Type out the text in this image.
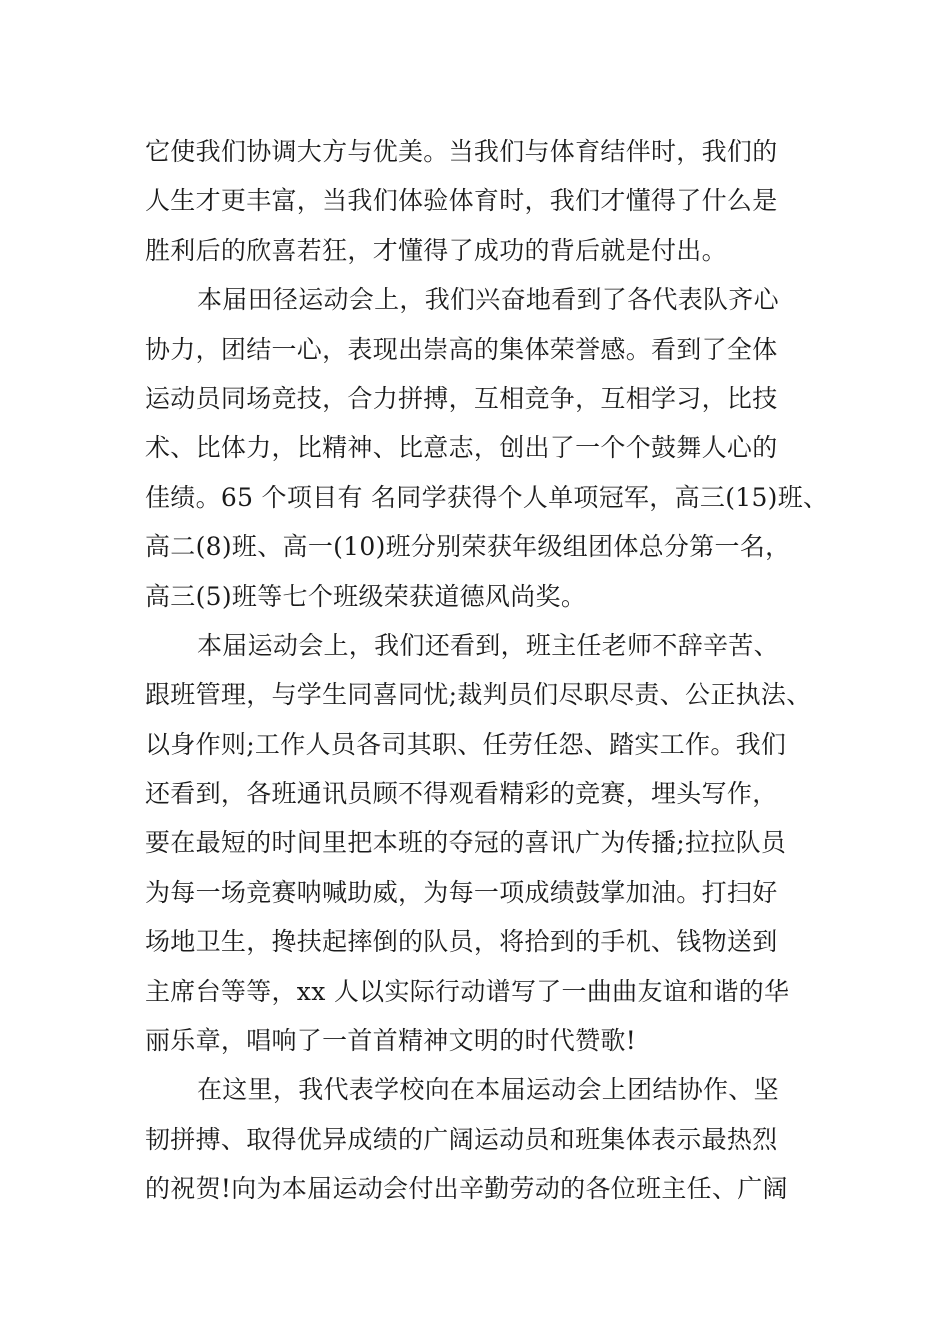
它使我们协调大方与优美。当我们与体育结伴时，我们的
人生才更丰富，当我们体验体育时，我们才懂得了什么是
胜利后的欣喜若狂，才懂得了成功的背后就是付出。
本届田径运动会上，我们兴奋地看到了各代表队齐心
协力，团结一心，表现出崇高的集体荣誉感。看到了全体
运动员同场竞技，合力拼搏，互相竞争，互相学习，比技
术、比体力，比精神、比意志，创出了一个个鼓舞人心的
佳绩。65 个项目有 名同学获得个人单项冠军，高三(15)班、
高二(8)班、高一(10)班分别荣获年级组团体总分第一名，
高三(5)班等七个班级荣获道德风尚奖。
本届运动会上，我们还看到，班主任老师不辞辛苦、
跟班管理，与学生同喜同忧;裁判员们尽职尽责、公正执法、
以身作则;工作人员各司其职、任劳任怨、踏实工作。我们
还看到，各班通讯员顾不得观看精彩的竞赛，埋头写作，
要在最短的时间里把本班的夺冠的喜讯广为传播;拉拉队员
为每一场竞赛呐喊助威，为每一项成绩鼓掌加油。打扫好
场地卫生，搀扶起摔倒的队员，将拾到的手机、钱物送到
主席台等等，xx 人以实际行动谱写了一曲曲友谊和谐的华
丽乐章，唱响了一首首精神文明的时代赞歌!
在这里，我代表学校向在本届运动会上团结协作、坚
韧拼搏、取得优异成绩的广阔运动员和班集体表示最热烈
的祝贺!向为本届运动会付出辛勤劳动的各位班主任、广阔
